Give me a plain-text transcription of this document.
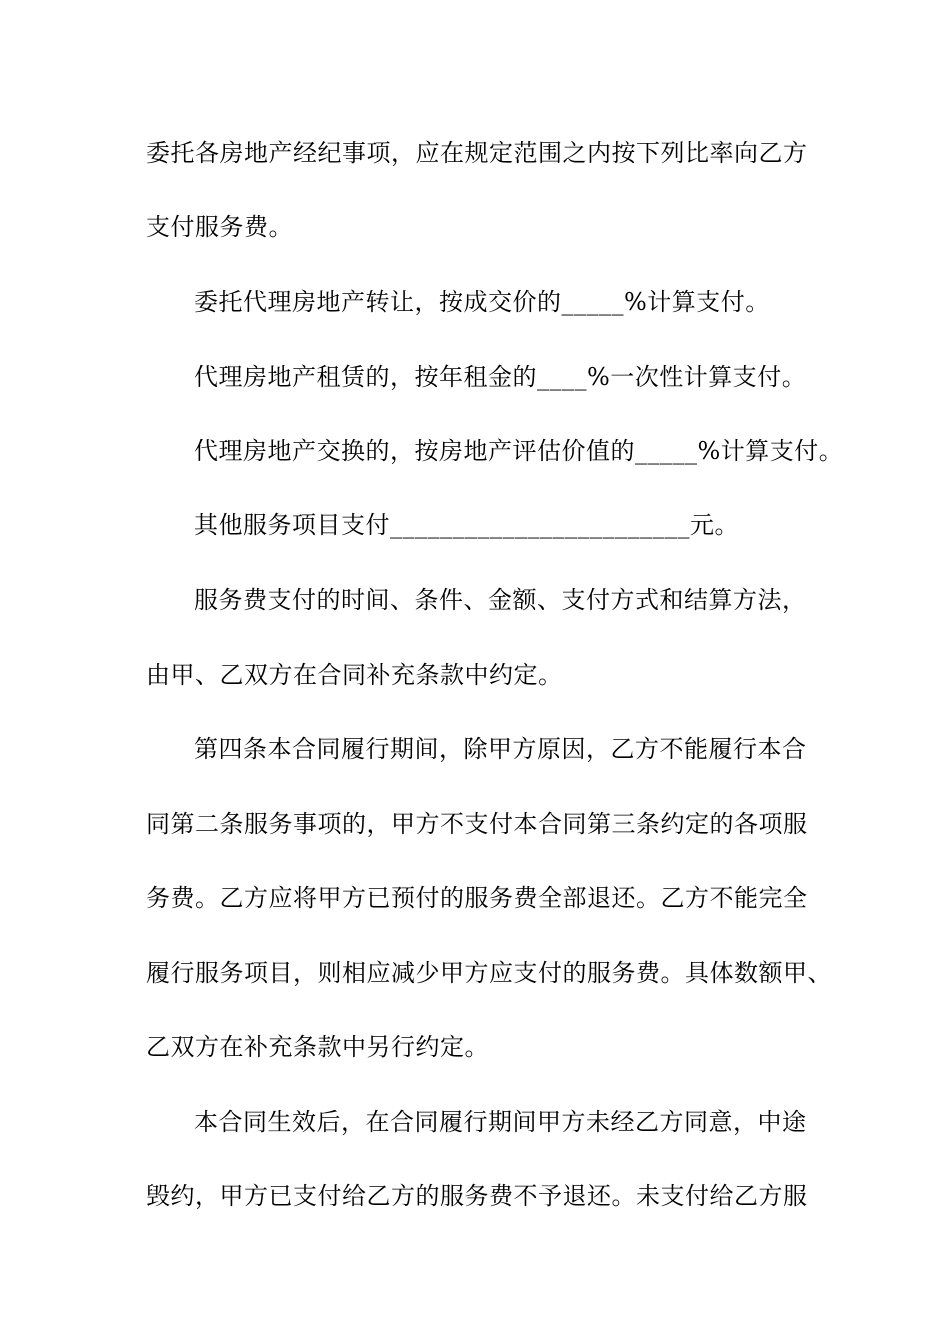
委托各房地产经纪事项，应在规定范围之内按下列比率向乙方
支付服务费。
委托代理房地产转让，按成交价的_____%计算支付。
代理房地产租赁的，按年租金的____%一次性计算支付。
代理房地产交换的，按房地产评估价值的_____%计算支付。
其他服务项目支付________________________元。
服务费支付的时间、条件、金额、支付方式和结算方法，
由甲、乙双方在合同补充条款中约定。
第四条本合同履行期间，除甲方原因，乙方不能履行本合
同第二条服务事项的，甲方不支付本合同第三条约定的各项服
务费。乙方应将甲方已预付的服务费全部退还。乙方不能完全
履行服务项目，则相应减少甲方应支付的服务费。具体数额甲、
乙双方在补充条款中另行约定。
本合同生效后，在合同履行期间甲方未经乙方同意，中途
毁约，甲方已支付给乙方的服务费不予退还。未支付给乙方服
